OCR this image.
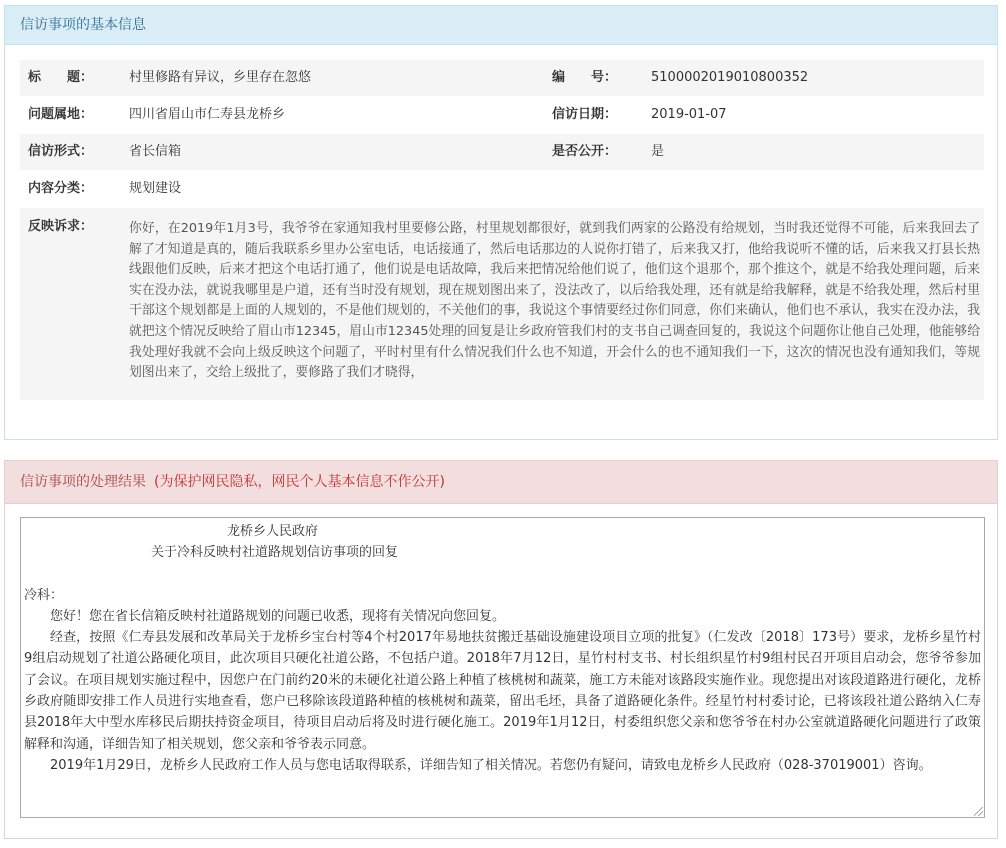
信访事项的基本信息
标　　题：	村里修路有异议，乡里存在忽悠	编　　号：	5100002019010800352
问题属地：	四川省眉山市仁寿县龙桥乡	信访日期：	2019-01-07
信访形式：	省长信箱	是否公开：	是
内容分类：	规划建设
反映诉求：	你好，在2019年1月3号，我爷爷在家通知我村里要修公路，村里规划都很好，就到我们两家的公路没有给规划，当时我还觉得不可能，后来我回去了解了才知道是真的，随后我联系乡里办公室电话，电话接通了，然后电话那边的人说你打错了，后来我又打，他给我说听不懂的话，后来我又打县长热线跟他们反映，后来才把这个电话打通了，他们说是电话故障，我后来把情况给他们说了，他们这个退那个，那个推这个，就是不给我处理问题，后来实在没办法，就说我哪里是户道，还有当时没有规划，现在规划图出来了，没法改了，以后给我处理，还有就是给我解释，就是不给我处理，然后村里干部这个规划都是上面的人规划的，不是他们规划的，不关他们的事，我说这个事情要经过你们同意，你们来确认，他们也不承认，我实在没办法，我就把这个情况反映给了眉山市12345，眉山市12345处理的回复是让乡政府管我们村的支书自己调查回复的，我说这个问题你让他自己处理，他能够给我处理好我就不会向上级反映这个问题了，平时村里有什么情况我们什么也不知道，开会什么的也不通知我们一下，这次的情况也没有通知我们，等规划图出来了，交给上级批了，要修路了我们才晓得，
信访事项的处理结果 (为保护网民隐私，网民个人基本信息不作公开)
龙桥乡人民政府
关于冷科反映村社道路规划信访事项的回复
冷科：
您好！您在省长信箱反映村社道路规划的问题已收悉，现将有关情况向您回复。
经查，按照《仁寿县发展和改革局关于龙桥乡宝台村等4个村2017年易地扶贫搬迁基础设施建设项目立项的批复》（仁发改〔2018〕173号）要求，龙桥乡星竹村9组启动规划了社道公路硬化项目，此次项目只硬化社道公路，不包括户道。2018年7月12日，星竹村村支书、村长组织星竹村9组村民召开项目启动会，您爷爷参加了会议。在项目规划实施过程中，因您户在门前约20米的未硬化社道公路上种植了核桃树和蔬菜，施工方未能对该路段实施作业。现您提出对该段道路进行硬化，龙桥乡政府随即安排工作人员进行实地查看，您户已移除该段道路种植的核桃树和蔬菜，留出毛坯，具备了道路硬化条件。经星竹村村委讨论，已将该段社道公路纳入仁寿县2018年大中型水库移民后期扶持资金项目，待项目启动后将及时进行硬化施工。2019年1月12日，村委组织您父亲和您爷爷在村办公室就道路硬化问题进行了政策解释和沟通，详细告知了相关规划，您父亲和爷爷表示同意。
2019年1月29日，龙桥乡人民政府工作人员与您电话取得联系，详细告知了相关情况。若您仍有疑问，请致电龙桥乡人民政府（028-37019001）咨询。
